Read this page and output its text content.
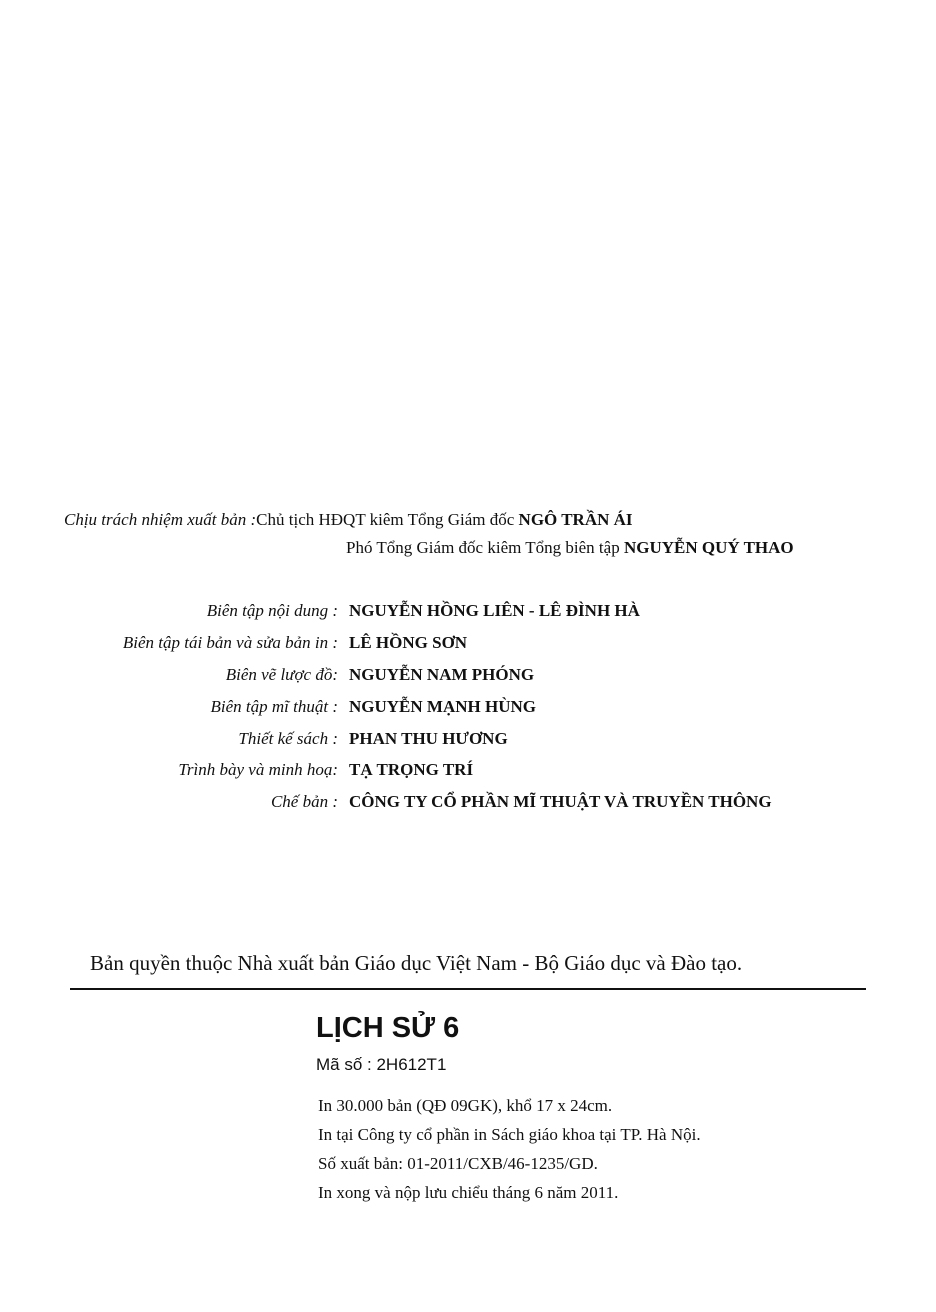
Chịu trách nhiệm xuất bản :Chủ tịch HĐQT kiêm Tổng Giám đốc NGÔ TRẦN ÁI
Phó Tổng Giám đốc kiêm Tổng biên tập NGUYỄN QUÝ THAO
Biên tập nội dung : NGUYỄN HỒNG LIÊN - LÊ ĐÌNH HÀ
Biên tập tái bản và sửa bản in : LÊ HỒNG SƠN
Biên vẽ lược đồ: NGUYỄN NAM PHÓNG
Biên tập mĩ thuật : NGUYỄN MẠNH HÙNG
Thiết kế sách : PHAN THU HƯƠNG
Trình bày và minh hoạ: TẠ TRỌNG TRÍ
Chế bản : CÔNG TY CỔ PHẦN MĨ THUẬT VÀ TRUYỀN THÔNG
Bản quyền thuộc Nhà xuất bản Giáo dục Việt Nam - Bộ Giáo dục và Đào tạo.
LỊCH SỬ 6
Mã số : 2H612T1
In 30.000 bản (QĐ 09GK), khổ 17 x 24cm.
In tại Công ty cổ phần in Sách giáo khoa tại TP. Hà Nội.
Số xuất bản: 01-2011/CXB/46-1235/GD.
In xong và nộp lưu chiểu tháng 6 năm 2011.
